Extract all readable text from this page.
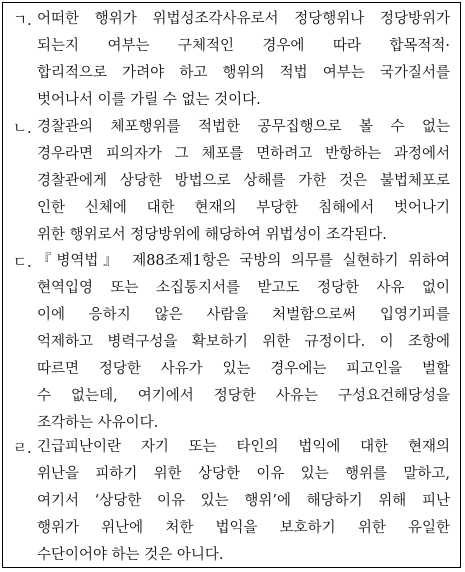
ㄱ. 어떠한 행위가 위법성조각사유로서 정당행위나 정당방위가
되는지 여부는 구체적인 경우에 따라 합목적적·
합리적으로 가려야 하고 행위의 적법 여부는 국가질서를
벗어나서 이를 가릴 수 없는 것이다.
ㄴ. 경찰관의 체포행위를 적법한 공무집행으로 볼 수 없는
경우라면 피의자가 그 체포를 면하려고 반항하는 과정에서
경찰관에게 상당한 방법으로 상해를 가한 것은 불법체포로
인한 신체에 대한 현재의 부당한 침해에서 벗어나기
위한 행위로서 정당방위에 해당하여 위법성이 조각된다.
ㄷ. 『병역법』 제88조제1항은 국방의 의무를 실현하기 위하여
현역입영 또는 소집통지서를 받고도 정당한 사유 없이
이에 응하지 않은 사람을 처벌함으로써 입영기피를
억제하고 병력구성을 확보하기 위한 규정이다. 이 조항에
따르면 정당한 사유가 있는 경우에는 피고인을 벌할
수 없는데, 여기에서 정당한 사유는 구성요건해당성을
조각하는 사유이다.
ㄹ. 긴급피난이란 자기 또는 타인의 법익에 대한 현재의
위난을 피하기 위한 상당한 이유 있는 행위를 말하고,
여기서 ‘상당한 이유 있는 행위’에 해당하기 위해 피난
행위가 위난에 처한 법익을 보호하기 위한 유일한
수단이어야 하는 것은 아니다.
